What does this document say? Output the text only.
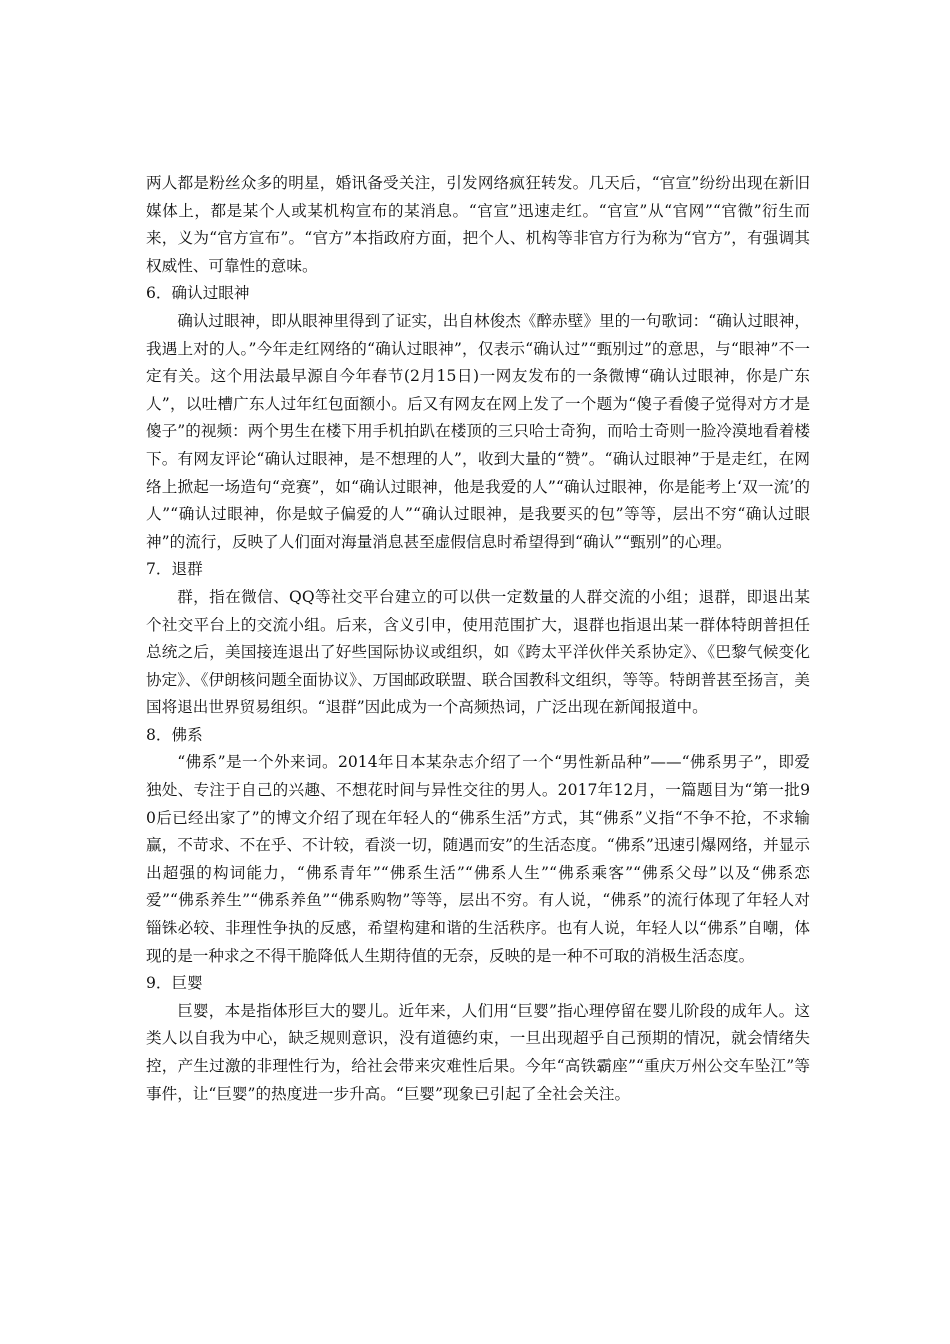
两人都是粉丝众多的明星，婚讯备受关注，引发网络疯狂转发。几天后，“官宣”纷纷出现在新旧媒体上，都是某个人或某机构宣布的某消息。“官宣”迅速走红。“官宣”从“官网”“官微”衍生而来，义为“官方宣布”。“官方”本指政府方面，把个人、机构等非官方行为称为“官方”，有强调其权威性、可靠性的意味。

6．确认过眼神

确认过眼神，即从眼神里得到了证实，出自林俊杰《醉赤壁》里的一句歌词：“确认过眼神，我遇上对的人。”今年走红网络的“确认过眼神”，仅表示“确认过”“甄别过”的意思，与“眼神”不一定有关。这个用法最早源自今年春节(2月15日)一网友发布的一条微博“确认过眼神，你是广东人”，以吐槽广东人过年红包面额小。后又有网友在网上发了一个题为“傻子看傻子觉得对方才是傻子”的视频：两个男生在楼下用手机拍趴在楼顶的三只哈士奇狗，而哈士奇则一脸冷漠地看着楼下。有网友评论“确认过眼神，是不想理的人”，收到大量的“赞”。“确认过眼神”于是走红，在网络上掀起一场造句“竞赛”，如“确认过眼神，他是我爱的人”“确认过眼神，你是能考上‘双一流’的人”“确认过眼神，你是蚊子偏爱的人”“确认过眼神，是我要买的包”等等，层出不穷“确认过眼神”的流行，反映了人们面对海量消息甚至虚假信息时希望得到“确认”“甄别”的心理。

7．退群

群，指在微信、QQ等社交平台建立的可以供一定数量的人群交流的小组；退群，即退出某个社交平台上的交流小组。后来，含义引申，使用范围扩大，退群也指退出某一群体特朗普担任总统之后，美国接连退出了好些国际协议或组织，如《跨太平洋伙伴关系协定》、《巴黎气候变化协定》、《伊朗核问题全面协议》、万国邮政联盟、联合国教科文组织，等等。特朗普甚至扬言，美国将退出世界贸易组织。“退群”因此成为一个高频热词，广泛出现在新闻报道中。

8．佛系

“佛系”是一个外来词。2014年日本某杂志介绍了一个“男性新品种”——“佛系男子”，即爱独处、专注于自己的兴趣、不想花时间与异性交往的男人。2017年12月，一篇题目为“第一批90后已经出家了”的博文介绍了现在年轻人的“佛系生活”方式，其“佛系”义指“不争不抢，不求输赢，不苛求、不在乎、不计较，看淡一切，随遇而安”的生活态度。“佛系”迅速引爆网络，并显示出超强的构词能力，“佛系青年”“佛系生活”“佛系人生”“佛系乘客”“佛系父母”以及“佛系恋爱”“佛系养生”“佛系养鱼”“佛系购物”等等，层出不穷。有人说，“佛系”的流行体现了年轻人对锱铢必较、非理性争执的反感，希望构建和谐的生活秩序。也有人说，年轻人以“佛系”自嘲，体现的是一种求之不得干脆降低人生期待值的无奈，反映的是一种不可取的消极生活态度。

9．巨婴

巨婴，本是指体形巨大的婴儿。近年来，人们用“巨婴”指心理停留在婴儿阶段的成年人。这类人以自我为中心，缺乏规则意识，没有道德约束，一旦出现超乎自己预期的情况，就会情绪失控，产生过激的非理性行为，给社会带来灾难性后果。今年“高铁霸座”“重庆万州公交车坠江”等事件，让“巨婴”的热度进一步升高。“巨婴”现象已引起了全社会关注。
